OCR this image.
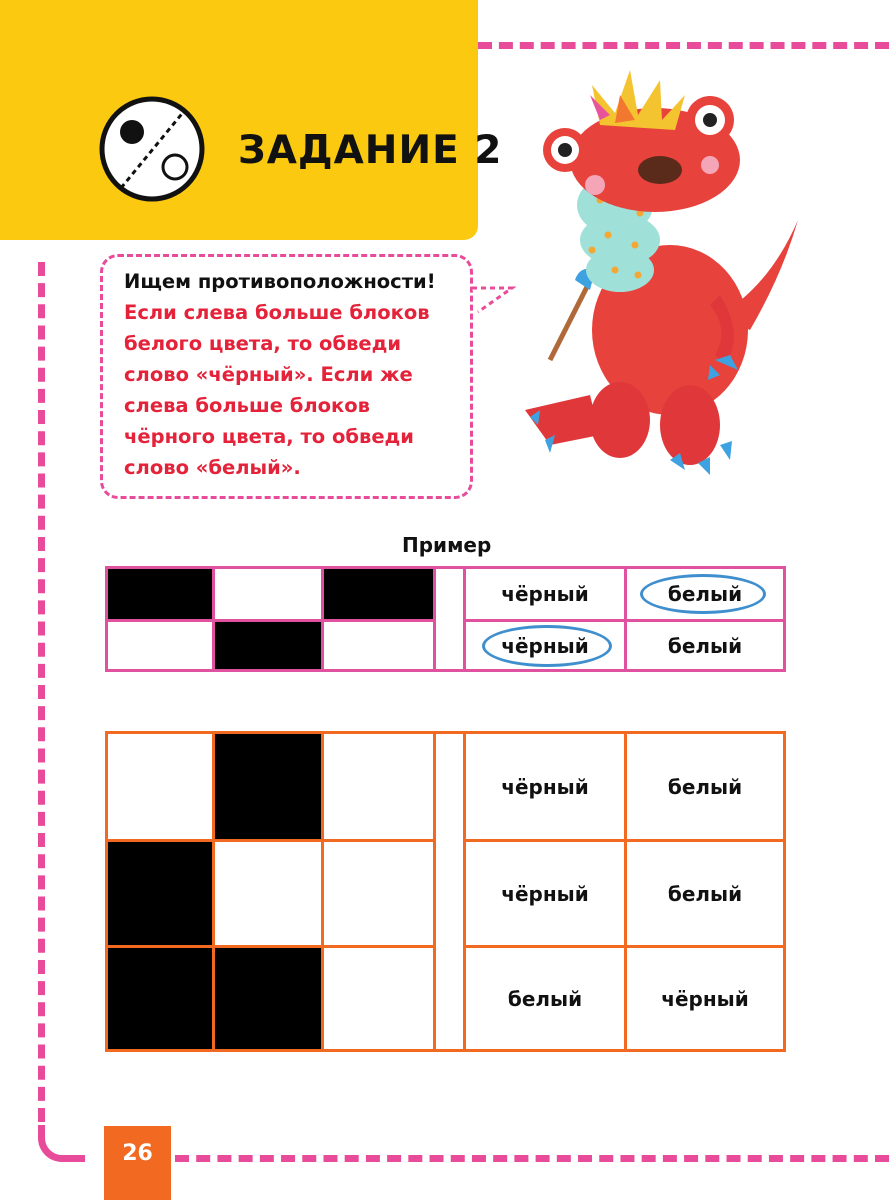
ЗАДАНИЕ 2
Ищем противоположности!
Если слева больше блоков белого цвета, то обведи слово «чёрный». Если же слева больше блоков чёрного цвета, то обведи слово «белый».
Пример
чёрный	белый
чёрный	белый
чёрный	белый
чёрный	белый
белый	чёрный
26
